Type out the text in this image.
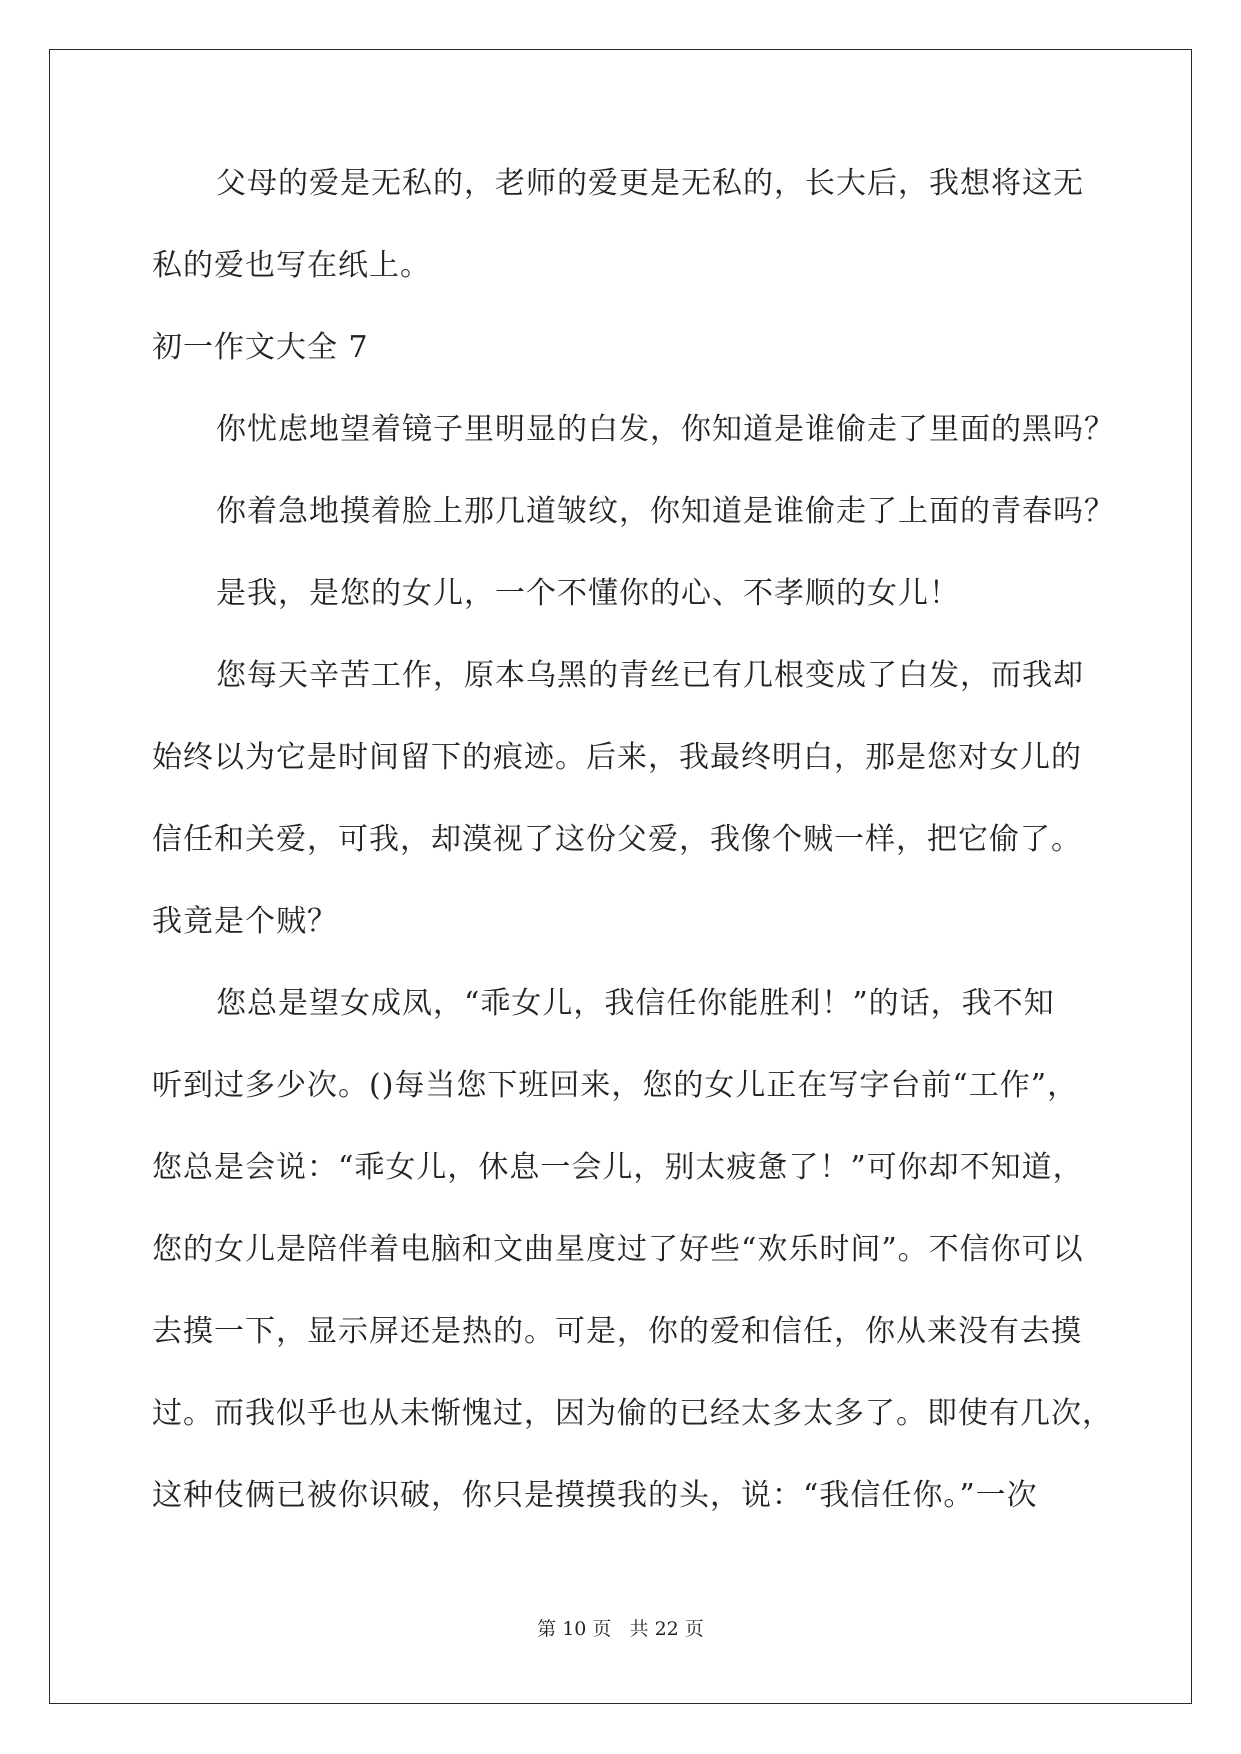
父母的爱是无私的，老师的爱更是无私的，长大后，我想将这无
私的爱也写在纸上。
初一作文大全 7
你忧虑地望着镜子里明显的白发，你知道是谁偷走了里面的黑吗？
你着急地摸着脸上那几道皱纹，你知道是谁偷走了上面的青春吗？
是我，是您的女儿，一个不懂你的心、不孝顺的女儿！
您每天辛苦工作，原本乌黑的青丝已有几根变成了白发，而我却
始终以为它是时间留下的痕迹。后来，我最终明白，那是您对女儿的
信任和关爱，可我，却漠视了这份父爱，我像个贼一样，把它偷了。
我竟是个贼？
您总是望女成凤，“乖女儿，我信任你能胜利！”的话，我不知
听到过多少次。()每当您下班回来，您的女儿正在写字台前“工作”，
您总是会说：“乖女儿，休息一会儿，别太疲惫了！”可你却不知道，
您的女儿是陪伴着电脑和文曲星度过了好些“欢乐时间”。不信你可以
去摸一下，显示屏还是热的。可是，你的爱和信任，你从来没有去摸
过。而我似乎也从未惭愧过，因为偷的已经太多太多了。即使有几次，
这种伎俩已被你识破，你只是摸摸我的头，说：“我信任你。”一次
第 10 页   共 22 页
